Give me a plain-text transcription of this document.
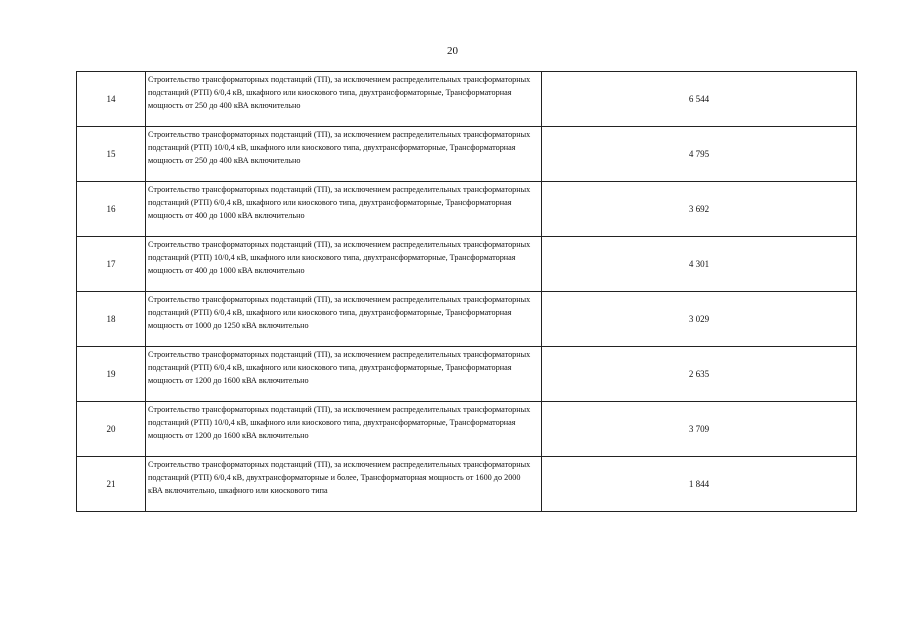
20
14	Строительство трансформаторных подстанций (ТП), за исключением распределительных трансформаторных подстанций (РТП) 6/0,4 кВ, шкафного или киоскового типа, двухтрансформаторные, Трансформаторная мощность от 250 до 400 кВА включительно	6 544
15	Строительство трансформаторных подстанций (ТП), за исключением распределительных трансформаторных подстанций (РТП) 10/0,4 кВ, шкафного или киоскового типа, двухтрансформаторные, Трансформаторная мощность от 250 до 400 кВА включительно	4 795
16	Строительство трансформаторных подстанций (ТП), за исключением распределительных трансформаторных подстанций (РТП) 6/0,4 кВ, шкафного или киоскового типа, двухтрансформаторные, Трансформаторная мощность от 400 до 1000 кВА включительно	3 692
17	Строительство трансформаторных подстанций (ТП), за исключением распределительных трансформаторных подстанций (РТП) 10/0,4 кВ, шкафного или киоскового типа, двухтрансформаторные, Трансформаторная мощность от 400 до 1000 кВА включительно	4 301
18	Строительство трансформаторных подстанций (ТП), за исключением распределительных трансформаторных подстанций (РТП) 6/0,4 кВ, шкафного или киоскового типа, двухтрансформаторные, Трансформаторная мощность от 1000 до 1250 кВА включительно	3 029
19	Строительство трансформаторных подстанций (ТП), за исключением распределительных трансформаторных подстанций (РТП) 6/0,4 кВ, шкафного или киоскового типа, двухтрансформаторные, Трансформаторная мощность от 1200 до 1600 кВА включительно	2 635
20	Строительство трансформаторных подстанций (ТП), за исключением распределительных трансформаторных подстанций (РТП) 10/0,4 кВ, шкафного или киоскового типа, двухтрансформаторные, Трансформаторная мощность от 1200 до 1600 кВА включительно	3 709
21	Строительство трансформаторных подстанций (ТП), за исключением распределительных трансформаторных подстанций (РТП) 6/0,4 кВ, двухтрансформаторные и более, Трансформаторная мощность от 1600 до 2000 кВА включительно, шкафного или киоскового типа	1 844
